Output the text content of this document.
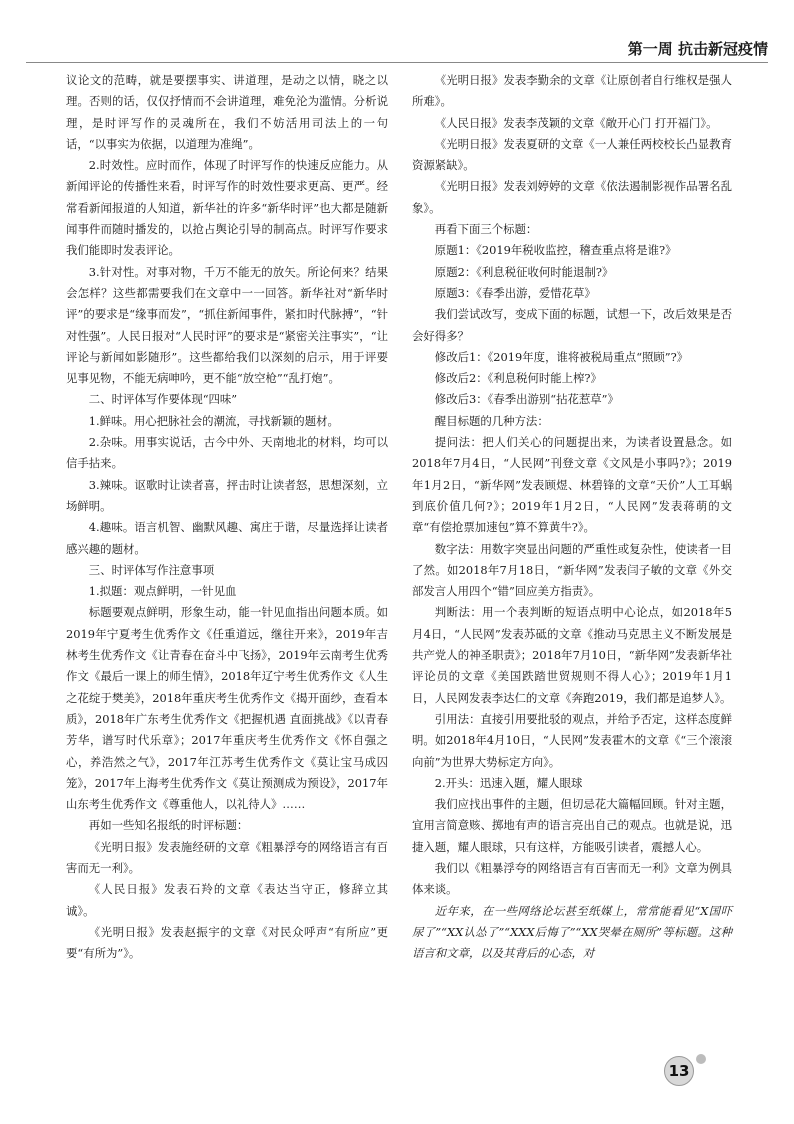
第一周 抗击新冠疫情

议论文的范畴，就是要摆事实、讲道理，是动之以情，晓之以理。否则的话，仅仅抒情而不会讲道理，难免沦为滥情。分析说理，是时评写作的灵魂所在，我们不妨活用司法上的一句话，“以事实为依据，以道理为准绳”。

2.时效性。应时而作，体现了时评写作的快速反应能力。从新闻评论的传播性来看，时评写作的时效性要求更高、更严。经常看新闻报道的人知道，新华社的许多“新华时评”也大都是随新闻事件而随时播发的，以抢占舆论引导的制高点。时评写作要求我们能即时发表评论。

3.针对性。对事对物，千万不能无的放矢。所论何来？结果会怎样？这些都需要我们在文章中一一回答。新华社对“新华时评”的要求是“缘事而发”，“抓住新闻事件，紧扣时代脉搏”，“针对性强”。人民日报对“人民时评”的要求是“紧密关注事实”，“让评论与新闻如影随形”。这些都给我们以深刻的启示，用于评要见事见物，不能无病呻吟，更不能“放空枪”“乱打炮”。

二、时评体写作要体现“四味”

1.鲜味。用心把脉社会的潮流，寻找新颖的题材。

2.杂味。用事实说话，古今中外、天南地北的材料，均可以信手拈来。

3.辣味。讴歌时让读者喜，抨击时让读者怒，思想深刻，立场鲜明。

4.趣味。语言机智、幽默风趣、寓庄于谐，尽量选择让读者感兴趣的题材。

三、时评体写作注意事项

1.拟题：观点鲜明，一针见血

标题要观点鲜明，形象生动，能一针见血指出问题本质。如2019年宁夏考生优秀作文《任重道远，继往开来》，2019年吉林考生优秀作文《让青春在奋斗中飞扬》，2019年云南考生优秀作文《最后一课上的师生情》，2018年辽宁考生优秀作文《人生之花绽于樊美》，2018年重庆考生优秀作文《揭开面纱，查看本质》，2018年广东考生优秀作文《把握机遇 直面挑战》《以青春芳华，谱写时代乐章》；2017年重庆考生优秀作文《怀自强之心，养浩然之气》，2017年江苏考生优秀作文《莫让宝马成囚笼》，2017年上海考生优秀作文《莫让预测成为预设》，2017年山东考生优秀作文《尊重他人，以礼待人》……

再如一些知名报纸的时评标题：

《光明日报》发表施经研的文章《粗暴浮夸的网络语言有百害而无一利》。

《人民日报》发表石羚的文章《表达当守正，修辞立其诚》。

《光明日报》发表赵振宇的文章《对民众呼声“有所应”更要“有所为”》。

《光明日报》发表李勤余的文章《让原创者自行维权是强人所难》。

《人民日报》发表李茂颖的文章《敞开心门 打开福门》。

《光明日报》发表夏研的文章《一人兼任两校校长凸显教育资源紧缺》。

《光明日报》发表刘婷婷的文章《依法遏制影视作品署名乱象》。

再看下面三个标题：

原题1：《2019年税收监控，稽查重点将是谁?》

原题2：《利息税征收何时能退制?》

原题3：《春季出游，爱惜花草》

我们尝试改写，变成下面的标题，试想一下，改后效果是否会好得多？

修改后1：《2019年度，谁将被税局重点“照顾”?》

修改后2：《利息税何时能上榨?》

修改后3：《春季出游别“拈花惹草”》

醒目标题的几种方法：

提问法：把人们关心的问题提出来，为读者设置悬念。如2018年7月4日，“人民网”刊登文章《文风是小事吗?》；2019年1月2日，“新华网”发表顾煜、林碧锋的文章“天价”人工耳蜗到底价值几何?》；2019年1月2日，“人民网”发表蒋萌的文章“有偿抢票加速包”算不算黄牛?》。

数字法：用数字突显出问题的严重性或复杂性，使读者一目了然。如2018年7月18日，“新华网”发表闫子敏的文章《外交部发言人用四个“错”回应美方指责》。

判断法：用一个表判断的短语点明中心论点，如2018年5月4日，“人民网”发表苏砥的文章《推动马克思主义不断发展是共产党人的神圣职责》；2018年7月10日，“新华网”发表新华社评论员的文章《美国跌踏世贸规则不得人心》；2019年1月1日，人民网发表李达仁的文章《奔跑2019，我们都是追梦人》。

引用法：直接引用要批驳的观点，并给予否定，这样态度鲜明。如2018年4月10日，“人民网”发表霍木的文章《“三个滚滚向前”为世界大势标定方向》。

2.开头：迅速入题，耀人眼球

我们应找出事件的主题，但切忌花大篇幅回顾。针对主题，宜用言简意赅、掷地有声的语言亮出自己的观点。也就是说，迅捷入题，耀人眼球，只有这样，方能吸引读者，震撼人心。

我们以《粗暴浮夸的网络语言有百害而无一利》文章为例具体来谈。

近年来，在一些网络论坛甚至纸媒上，常常能看见“X国吓尿了”“XX认怂了”“XXX后悔了”“XX哭晕在厕所”等标题。这种语言和文章，以及其背后的心态，对

13
